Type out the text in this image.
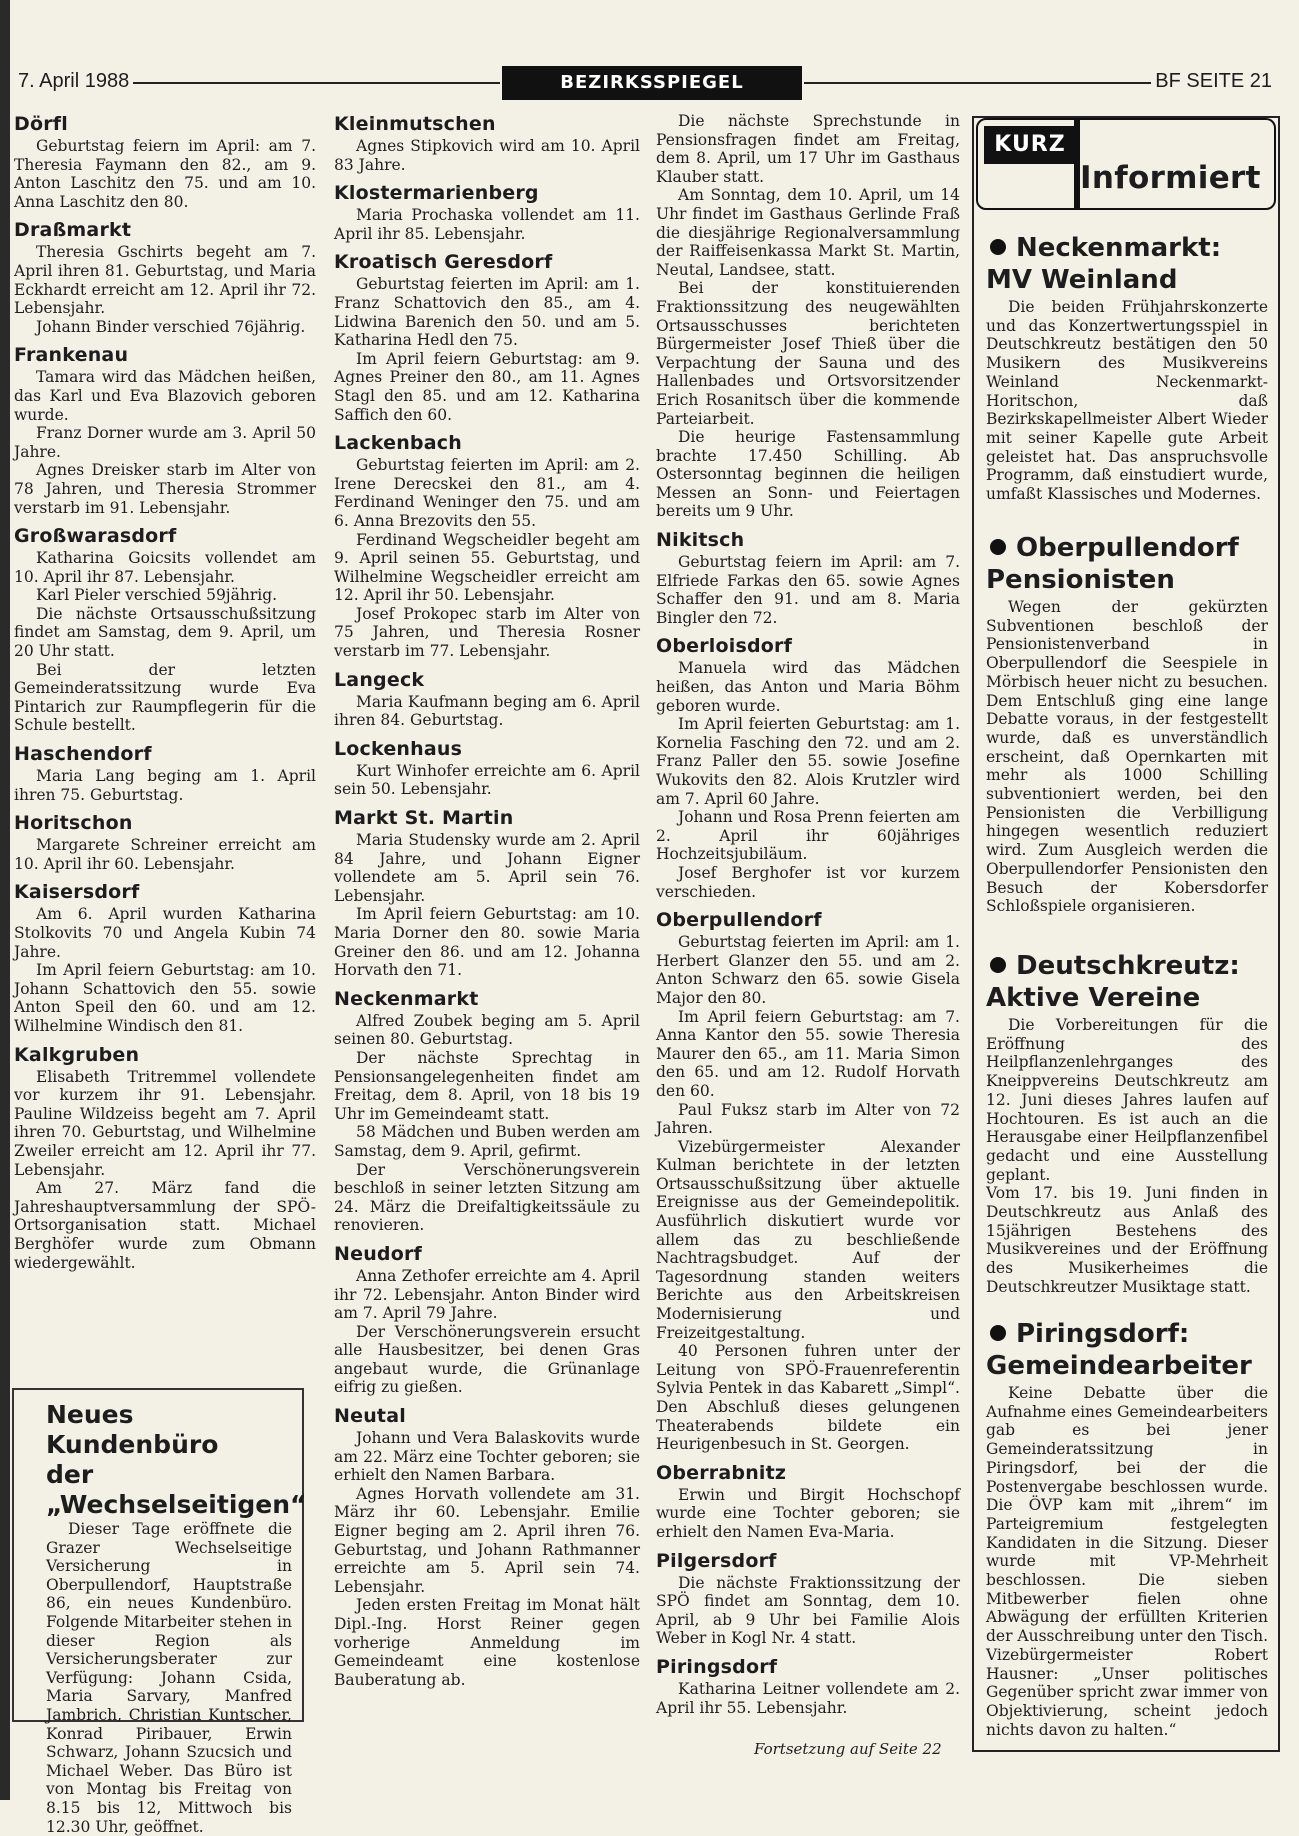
7. April 1988	BEZIRKSSPIEGEL	BF SEITE 21
Dörfl

Geburtstag feiern im April: am 7. Theresia Faymann den 82., am 9. Anton Laschitz den 75. und am 10. Anna Laschitz den 80.

Draßmarkt

Theresia Gschirts begeht am 7. April ihren 81. Geburtstag, und Maria Eckhardt erreicht am 12. April ihr 72. Lebensjahr.

Johann Binder verschied 76jährig.

Frankenau

Tamara wird das Mädchen heißen, das Karl und Eva Blazovich geboren wurde.

Franz Dorner wurde am 3. April 50 Jahre.

Agnes Dreisker starb im Alter von 78 Jahren, und Theresia Strommer verstarb im 91. Lebensjahr.

Großwarasdorf

Katharina Goicsits vollendet am 10. April ihr 87. Lebensjahr.

Karl Pieler verschied 59jährig.

Die nächste Ortsausschußsitzung findet am Samstag, dem 9. April, um 20 Uhr statt.

Bei der letzten Gemeinderatssitzung wurde Eva Pintarich zur Raumpflegerin für die Schule bestellt.

Haschendorf

Maria Lang beging am 1. April ihren 75. Geburtstag.

Horitschon

Margarete Schreiner erreicht am 10. April ihr 60. Lebensjahr.

Kaisersdorf

Am 6. April wurden Katharina Stolkovits 70 und Angela Kubin 74 Jahre.

Im April feiern Geburtstag: am 10. Johann Schattovich den 55. sowie Anton Speil den 60. und am 12. Wilhelmine Windisch den 81.

Kalkgruben

Elisabeth Tritremmel vollendete vor kurzem ihr 91. Lebensjahr. Pauline Wildzeiss begeht am 7. April ihren 70. Geburtstag, und Wilhelmine Zweiler erreicht am 12. April ihr 77. Lebensjahr.

Am 27. März fand die Jahreshauptversammlung der SPÖ-Ortsorganisation statt. Michael Berghöfer wurde zum Obmann wiedergewählt.

Neues Kundenbüro
der „Wechselseitigen“

Dieser Tage eröffnete die Grazer Wechselseitige Versicherung in Oberpullendorf, Hauptstraße 86, ein neues Kundenbüro. Folgende Mitarbeiter stehen in dieser Region als Versicherungsberater zur Verfügung: Johann Csida, Maria Sarvary, Manfred Jambrich, Christian Kuntscher, Konrad Piribauer, Erwin Schwarz, Johann Szucsich und Michael Weber. Das Büro ist von Montag bis Freitag von 8.15 bis 12, Mittwoch bis 12.30 Uhr, geöffnet.

Kleinmutschen

Agnes Stipkovich wird am 10. April 83 Jahre.

Klostermarienberg

Maria Prochaska vollendet am 11. April ihr 85. Lebensjahr.

Kroatisch Geresdorf

Geburtstag feierten im April: am 1. Franz Schattovich den 85., am 4. Lidwina Barenich den 50. und am 5. Katharina Hedl den 75.

Im April feiern Geburtstag: am 9. Agnes Preiner den 80., am 11. Agnes Stagl den 85. und am 12. Katharina Saffich den 60.

Lackenbach

Geburtstag feierten im April: am 2. Irene Derecskei den 81., am 4. Ferdinand Weninger den 75. und am 6. Anna Brezovits den 55.

Ferdinand Wegscheidler begeht am 9. April seinen 55. Geburtstag, und Wilhelmine Wegscheidler erreicht am 12. April ihr 50. Lebensjahr.

Josef Prokopec starb im Alter von 75 Jahren, und Theresia Rosner verstarb im 77. Lebensjahr.

Langeck

Maria Kaufmann beging am 6. April ihren 84. Geburtstag.

Lockenhaus

Kurt Winhofer erreichte am 6. April sein 50. Lebensjahr.

Markt St. Martin

Maria Studensky wurde am 2. April 84 Jahre, und Johann Eigner vollendete am 5. April sein 76. Lebensjahr.

Im April feiern Geburtstag: am 10. Maria Dorner den 80. sowie Maria Greiner den 86. und am 12. Johanna Horvath den 71.

Neckenmarkt

Alfred Zoubek beging am 5. April seinen 80. Geburtstag.

Der nächste Sprechtag in Pensionsangelegenheiten findet am Freitag, dem 8. April, von 18 bis 19 Uhr im Gemeindeamt statt.

58 Mädchen und Buben werden am Samstag, dem 9. April, gefirmt.

Der Verschönerungsverein beschloß in seiner letzten Sitzung am 24. März die Dreifaltigkeitssäule zu renovieren.

Neudorf

Anna Zethofer erreichte am 4. April ihr 72. Lebensjahr. Anton Binder wird am 7. April 79 Jahre.

Der Verschönerungsverein ersucht alle Hausbesitzer, bei denen Gras angebaut wurde, die Grünanlage eifrig zu gießen.

Neutal

Johann und Vera Balaskovits wurde am 22. März eine Tochter geboren; sie erhielt den Namen Barbara.

Agnes Horvath vollendete am 31. März ihr 60. Lebensjahr. Emilie Eigner beging am 2. April ihren 76. Geburtstag, und Johann Rathmanner erreichte am 5. April sein 74. Lebensjahr.

Jeden ersten Freitag im Monat hält Dipl.-Ing. Horst Reiner gegen vorherige Anmeldung im Gemeindeamt eine kostenlose Bauberatung ab.

Die nächste Sprechstunde in Pensionsfragen findet am Freitag, dem 8. April, um 17 Uhr im Gasthaus Klauber statt.

Am Sonntag, dem 10. April, um 14 Uhr findet im Gasthaus Gerlinde Fraß die diesjährige Regionalversammlung der Raiffeisenkassa Markt St. Martin, Neutal, Landsee, statt.

Bei der konstituierenden Fraktionssitzung des neugewählten Ortsausschusses berichteten Bürgermeister Josef Thieß über die Verpachtung der Sauna und des Hallenbades und Ortsvorsitzender Erich Rosanitsch über die kommende Parteiarbeit.

Die heurige Fastensammlung brachte 17.450 Schilling. Ab Ostersonntag beginnen die heiligen Messen an Sonn- und Feiertagen bereits um 9 Uhr.

Nikitsch

Geburtstag feiern im April: am 7. Elfriede Farkas den 65. sowie Agnes Schaffer den 91. und am 8. Maria Bingler den 72.

Oberloisdorf

Manuela wird das Mädchen heißen, das Anton und Maria Böhm geboren wurde.

Im April feierten Geburtstag: am 1. Kornelia Fasching den 72. und am 2. Franz Paller den 55. sowie Josefine Wukovits den 82. Alois Krutzler wird am 7. April 60 Jahre.

Johann und Rosa Prenn feierten am 2. April ihr 60jähriges Hochzeitsjubiläum.

Josef Berghofer ist vor kurzem verschieden.

Oberpullendorf

Geburtstag feierten im April: am 1. Herbert Glanzer den 55. und am 2. Anton Schwarz den 65. sowie Gisela Major den 80.

Im April feiern Geburtstag: am 7. Anna Kantor den 55. sowie Theresia Maurer den 65., am 11. Maria Simon den 65. und am 12. Rudolf Horvath den 60.

Paul Fuksz starb im Alter von 72 Jahren.

Vizebürgermeister Alexander Kulman berichtete in der letzten Ortsausschußsitzung über aktuelle Ereignisse aus der Gemeindepolitik. Ausführlich diskutiert wurde vor allem das zu beschließende Nachtragsbudget. Auf der Tagesordnung standen weiters Berichte aus den Arbeitskreisen Modernisierung und Freizeitgestaltung.

40 Personen fuhren unter der Leitung von SPÖ-Frauenreferentin Sylvia Pentek in das Kabarett „Simpl“. Den Abschluß dieses gelungenen Theaterabends bildete ein Heurigenbesuch in St. Georgen.

Oberrabnitz

Erwin und Birgit Hochschopf wurde eine Tochter geboren; sie erhielt den Namen Eva-Maria.

Pilgersdorf

Die nächste Fraktionssitzung der SPÖ findet am Sonntag, dem 10. April, ab 9 Uhr bei Familie Alois Weber in Kogl Nr. 4 statt.

Piringsdorf

Katharina Leitner vollendete am 2. April ihr 55. Lebensjahr.

Fortsetzung auf Seite 22
KURZ
Informiert
Neckenmarkt:
MV Weinland

Die beiden Frühjahrskonzerte und das Konzertwertungsspiel in Deutschkreutz bestätigen den 50 Musikern des Musikvereins Weinland Neckenmarkt-Horitschon, daß Bezirkskapellmeister Albert Wieder mit seiner Kapelle gute Arbeit geleistet hat. Das anspruchsvolle Programm, daß einstudiert wurde, umfaßt Klassisches und Modernes.

Oberpullendorf
Pensionisten

Wegen der gekürzten Subventionen beschloß der Pensionistenverband in Oberpullendorf die Seespiele in Mörbisch heuer nicht zu besuchen. Dem Entschluß ging eine lange Debatte voraus, in der festgestellt wurde, daß es unverständlich erscheint, daß Opernkarten mit mehr als 1000 Schilling subventioniert werden, bei den Pensionisten die Verbilligung hingegen wesentlich reduziert wird. Zum Ausgleich werden die Oberpullendorfer Pensionisten den Besuch der Kobersdorfer Schloßspiele organisieren.

Deutschkreutz:
Aktive Vereine

Die Vorbereitungen für die Eröffnung des Heilpflanzenlehrganges des Kneippvereins Deutschkreutz am 12. Juni dieses Jahres laufen auf Hochtouren. Es ist auch an die Herausgabe einer Heilpflanzenfibel gedacht und eine Ausstellung geplant.
Vom 17. bis 19. Juni finden in Deutschkreutz aus Anlaß des 15jährigen Bestehens des Musikvereines und der Eröffnung des Musikerheimes die Deutschkreutzer Musiktage statt.

Piringsdorf:
Gemeindearbeiter

Keine Debatte über die Aufnahme eines Gemeindearbeiters gab es bei jener Gemeinderatssitzung in Piringsdorf, bei der die Postenvergabe beschlossen wurde. Die ÖVP kam mit „ihrem“ im Parteigremium festgelegten Kandidaten in die Sitzung. Dieser wurde mit VP-Mehrheit beschlossen. Die sieben Mitbewerber fielen ohne Abwägung der erfüllten Kriterien der Ausschreibung unter den Tisch. Vizebürgermeister Robert Hausner: „Unser politisches Gegenüber spricht zwar immer von Objektivierung, scheint jedoch nichts davon zu halten.“
